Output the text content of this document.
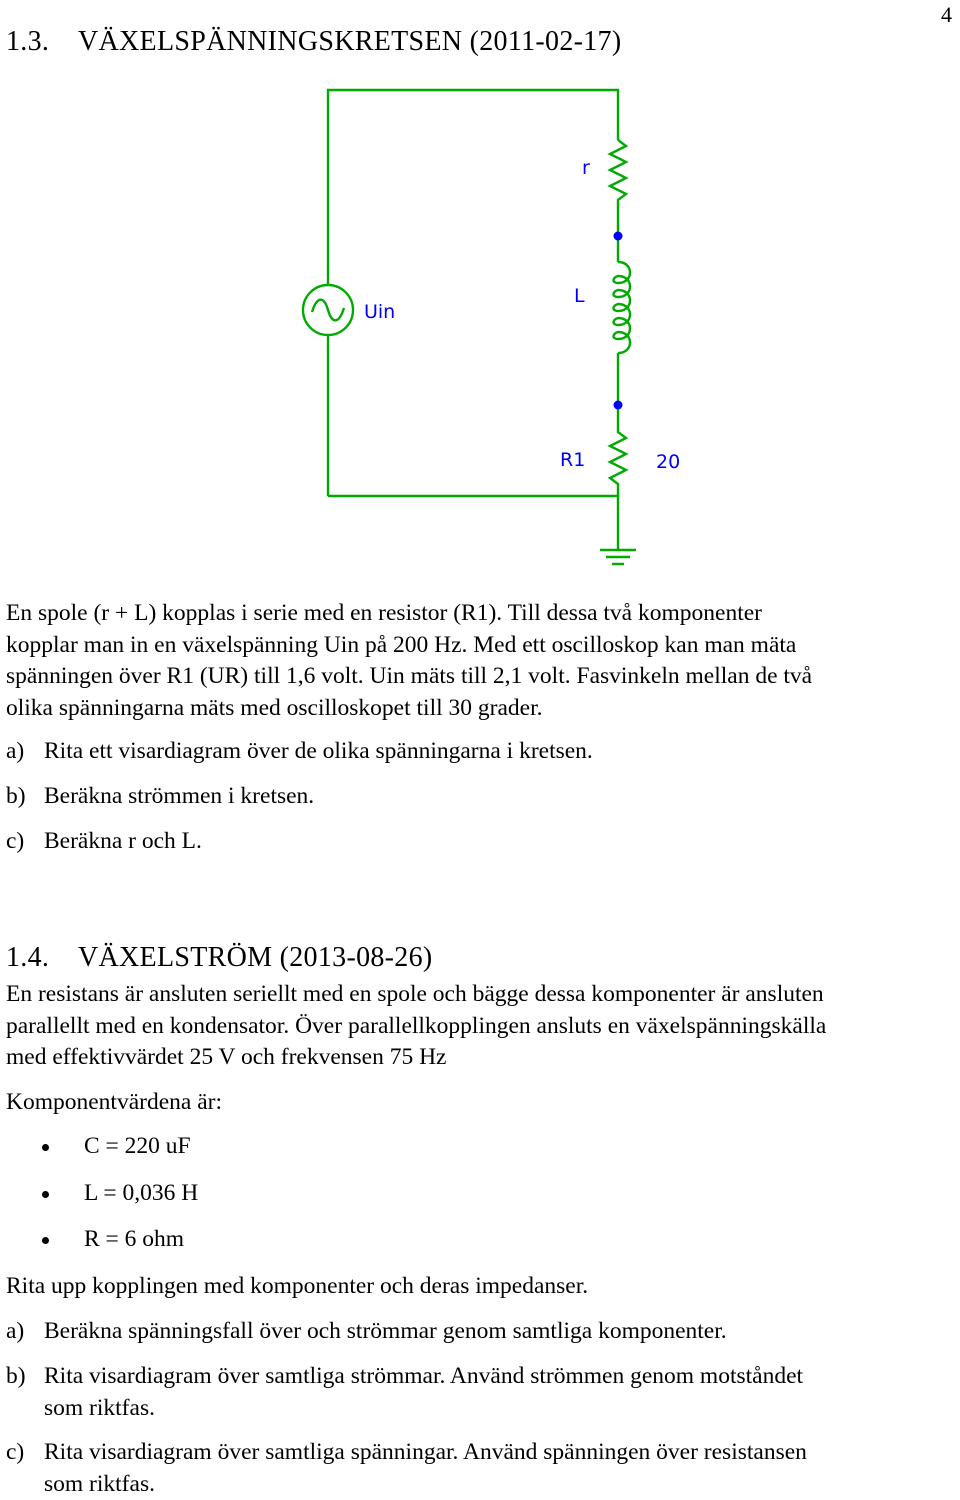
4
1.3. VÄXELSPÄNNINGSKRETSEN (2011-02-17)
r
L
Uin
R1	20
En spole (r + L) kopplas i serie med en resistor (R1). Till dessa två komponenter
kopplar man in en växelspänning Uin på 200 Hz. Med ett oscilloskop kan man mäta
spänningen över R1 (UR) till 1,6 volt. Uin mäts till 2,1 volt. Fasvinkeln mellan de två
olika spänningarna mäts med oscilloskopet till 30 grader.
a) Rita ett visardiagram över de olika spänningarna i kretsen.
b) Beräkna strömmen i kretsen.
c) Beräkna r och L.
1.4. VÄXELSTRÖM (2013-08-26)
En resistans är ansluten seriellt med en spole och bägge dessa komponenter är ansluten
parallellt med en kondensator. Över parallellkopplingen ansluts en växelspänningskälla
med effektivvärdet 25 V och frekvensen 75 Hz
Komponentvärdena är:
C = 220 uF
L = 0,036 H
R = 6 ohm
Rita upp kopplingen med komponenter och deras impedanser.
a) Beräkna spänningsfall över och strömmar genom samtliga komponenter.
b) Rita visardiagram över samtliga strömmar. Använd strömmen genom motståndet
som riktfas.
c) Rita visardiagram över samtliga spänningar. Använd spänningen över resistansen
som riktfas.
